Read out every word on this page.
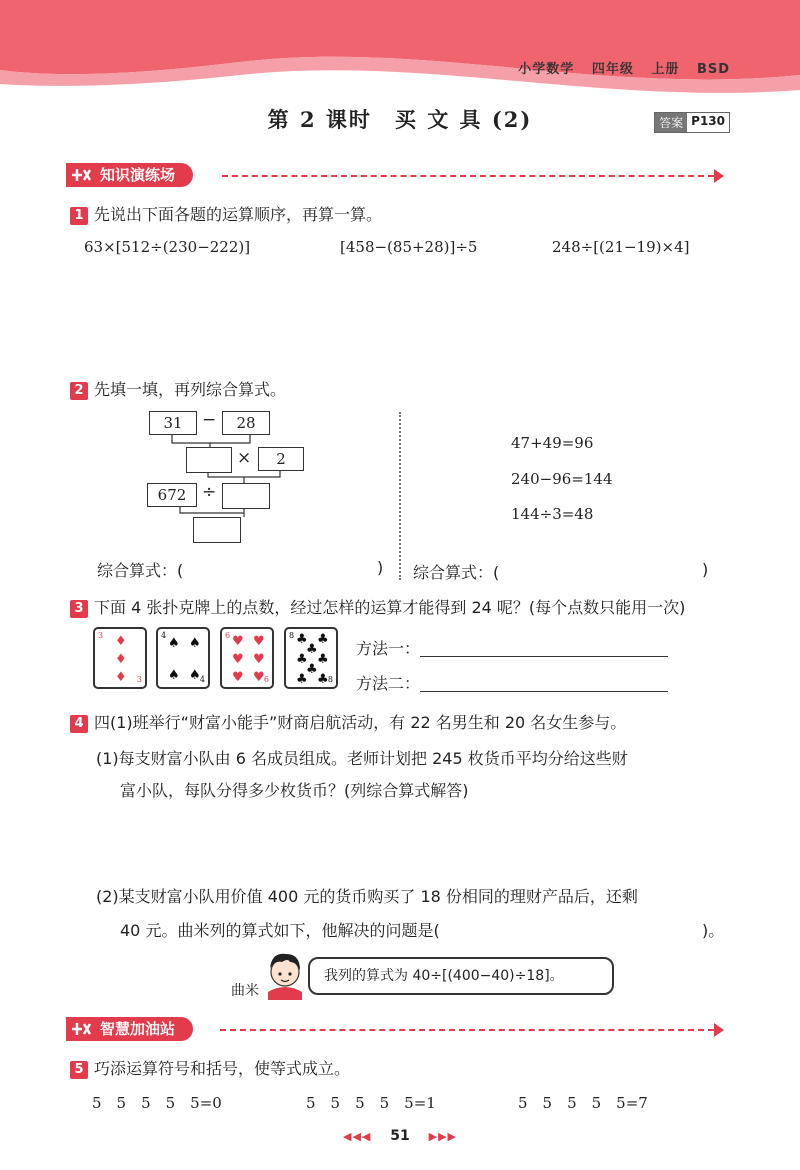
小学数学 四年级 上册 BSD
第 2 课时　买 文 具 (2)	答案 P130
知识演练场
1 先说出下面各题的运算顺序，再算一算。
63×[512÷(230−222)]	[458−(85+28)]÷5	248÷[(21−19)×4]
2 先填一填，再列综合算式。
31	−	28
×	2
672 ÷
47+49=96
240−96=144
144÷3=48
综合算式：(	) 综合算式：(	)
3 下面 4 张扑克牌上的点数，经过怎样的运算才能得到 24 呢？(每个点数只能用一次)
3 ♦
♦
♦ 3
4
♠ ♠
♠ ♠ 4
6 ♥ ♥
♥ ♥
♥ ♥ 6
8 ♣ ♣
♣
♣ ♣
♣
♣ ♣ 8
方法一：
方法二：
4 四(1)班举行“财富小能手”财商启航活动，有 22 名男生和 20 名女生参与。
(1)每支财富小队由 6 名成员组成。老师计划把 245 枚货币平均分给这些财
富小队，每队分得多少枚货币？(列综合算式解答)
(2)某支财富小队用价值 400 元的货币购买了 18 份相同的理财产品后，还剩
40 元。曲米列的算式如下，他解决的问题是(	)。
曲米
我列的算式为 40÷[(400−40)÷18]。
智慧加油站
5 巧添运算符号和括号，使等式成立。
5　5　5　5　5=0	5　5　5　5　5=1	5　5　5　5　5=7
◀◀◀ 51 ▶▶▶
